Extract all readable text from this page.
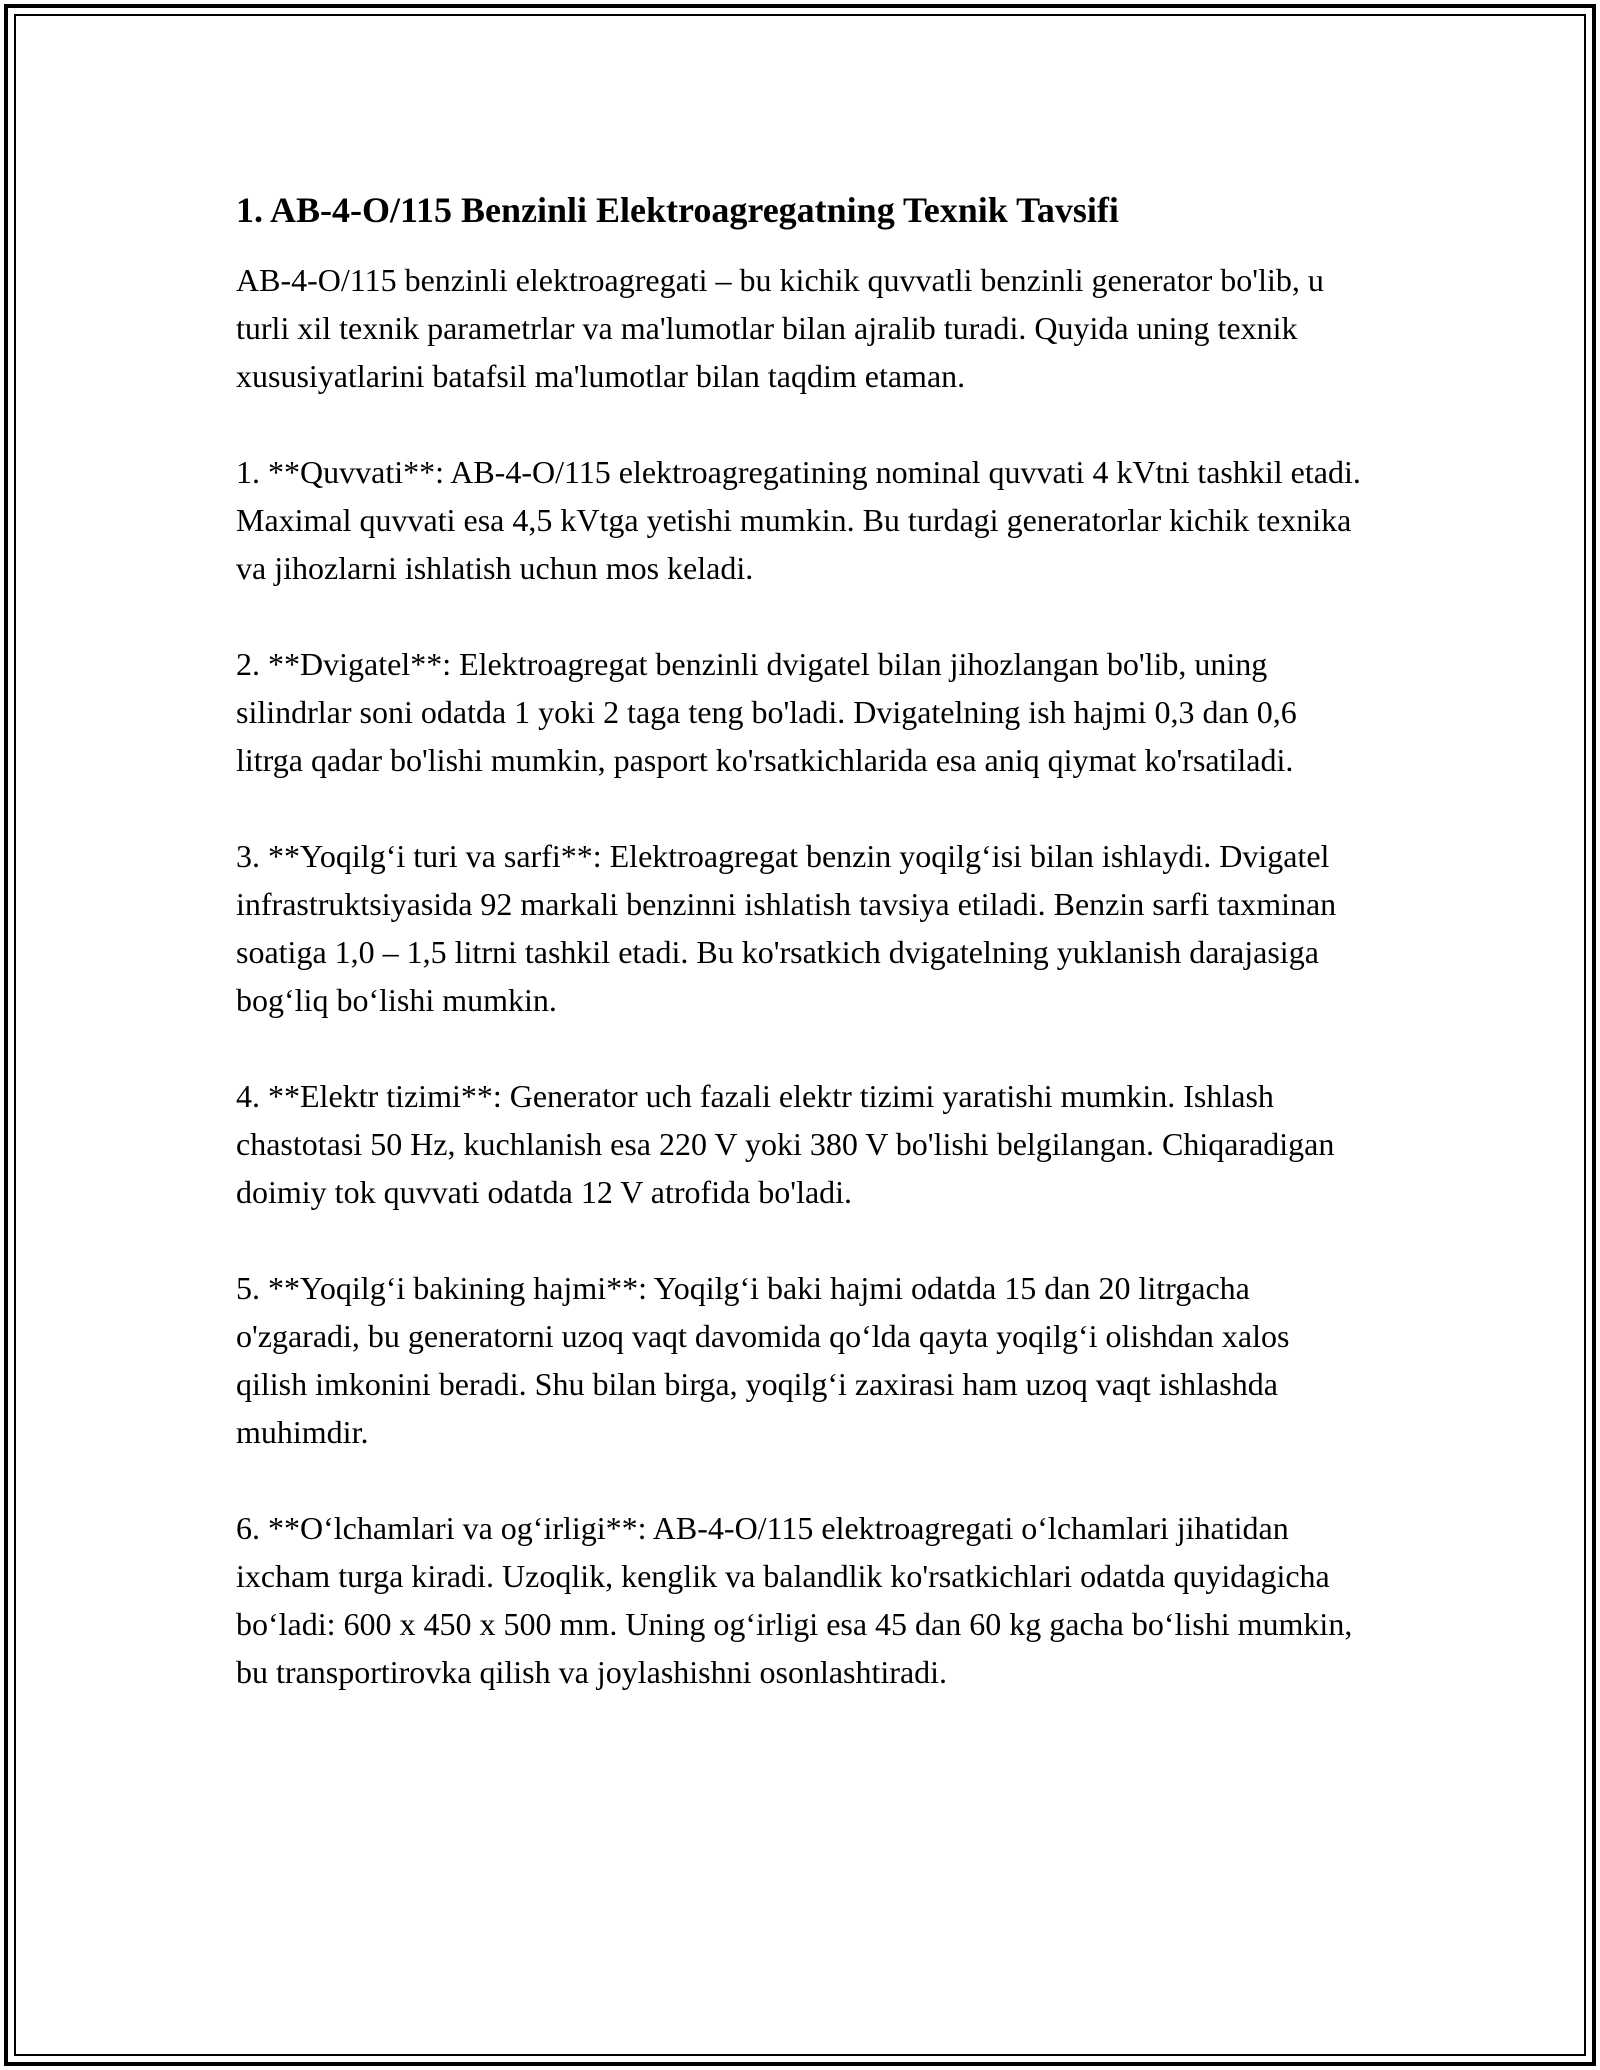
1. AB-4-O/115 Benzinli Elektroagregatning Texnik Tavsifi

AB-4-O/115 benzinli elektroagregati – bu kichik quvvatli benzinli generator bo'lib, u turli xil texnik parametrlar va ma'lumotlar bilan ajralib turadi. Quyida uning texnik xususiyatlarini batafsil ma'lumotlar bilan taqdim etaman.

1. **Quvvati**: AB-4-O/115 elektroagregatining nominal quvvati 4 kVtni tashkil etadi. Maximal quvvati esa 4,5 kVtga yetishi mumkin. Bu turdagi generatorlar kichik texnika va jihozlarni ishlatish uchun mos keladi.

2. **Dvigatel**: Elektroagregat benzinli dvigatel bilan jihozlangan bo'lib, uning silindrlar soni odatda 1 yoki 2 taga teng bo'ladi. Dvigatelning ish hajmi 0,3 dan 0,6 litrga qadar bo'lishi mumkin, pasport ko'rsatkichlarida esa aniq qiymat ko'rsatiladi.

3. **Yoqilg‘i turi va sarfi**: Elektroagregat benzin yoqilg‘isi bilan ishlaydi. Dvigatel infrastruktsiyasida 92 markali benzinni ishlatish tavsiya etiladi. Benzin sarfi taxminan soatiga 1,0 – 1,5 litrni tashkil etadi. Bu ko'rsatkich dvigatelning yuklanish darajasiga bog‘liq bo‘lishi mumkin.

4. **Elektr tizimi**: Generator uch fazali elektr tizimi yaratishi mumkin. Ishlash chastotasi 50 Hz, kuchlanish esa 220 V yoki 380 V bo'lishi belgilangan. Chiqaradigan doimiy tok quvvati odatda 12 V atrofida bo'ladi.

5. **Yoqilg‘i bakining hajmi**: Yoqilg‘i baki hajmi odatda 15 dan 20 litrgacha o'zgaradi, bu generatorni uzoq vaqt davomida qo‘lda qayta yoqilg‘i olishdan xalos qilish imkonini beradi. Shu bilan birga, yoqilg‘i zaxirasi ham uzoq vaqt ishlashda muhimdir.

6. **O‘lchamlari va og‘irligi**: AB-4-O/115 elektroagregati o‘lchamlari jihatidan ixcham turga kiradi. Uzoqlik, kenglik va balandlik ko'rsatkichlari odatda quyidagicha bo‘ladi: 600 x 450 x 500 mm. Uning og‘irligi esa 45 dan 60 kg gacha bo‘lishi mumkin, bu transportirovka qilish va joylashishni osonlashtiradi.
